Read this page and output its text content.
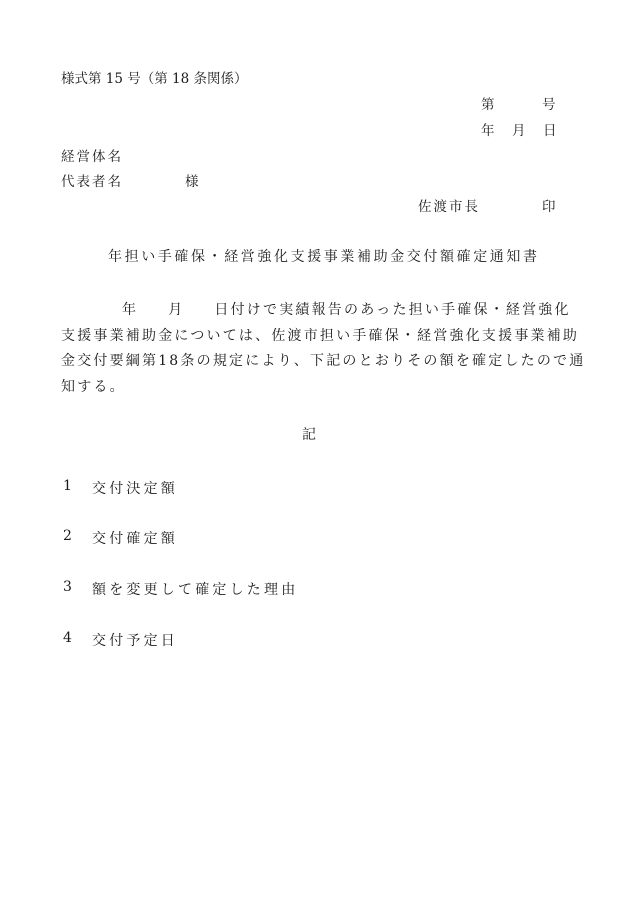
様式第 15 号（第 18 条関係）
第	号
年 月 日
経営体名
代表者名	様
佐渡市長	印
年担い手確保・経営強化支援事業補助金交付額確定通知書
年 月 日付けで実績報告のあった担い手確保・経営強化
支援事業補助金については、佐渡市担い手確保・経営強化支援事業補助
金交付要綱第18条の規定により、下記のとおりその額を確定したので通
知する。
記
1 交付決定額
2 交付確定額
3 額を変更して確定した理由
4 交付予定日
